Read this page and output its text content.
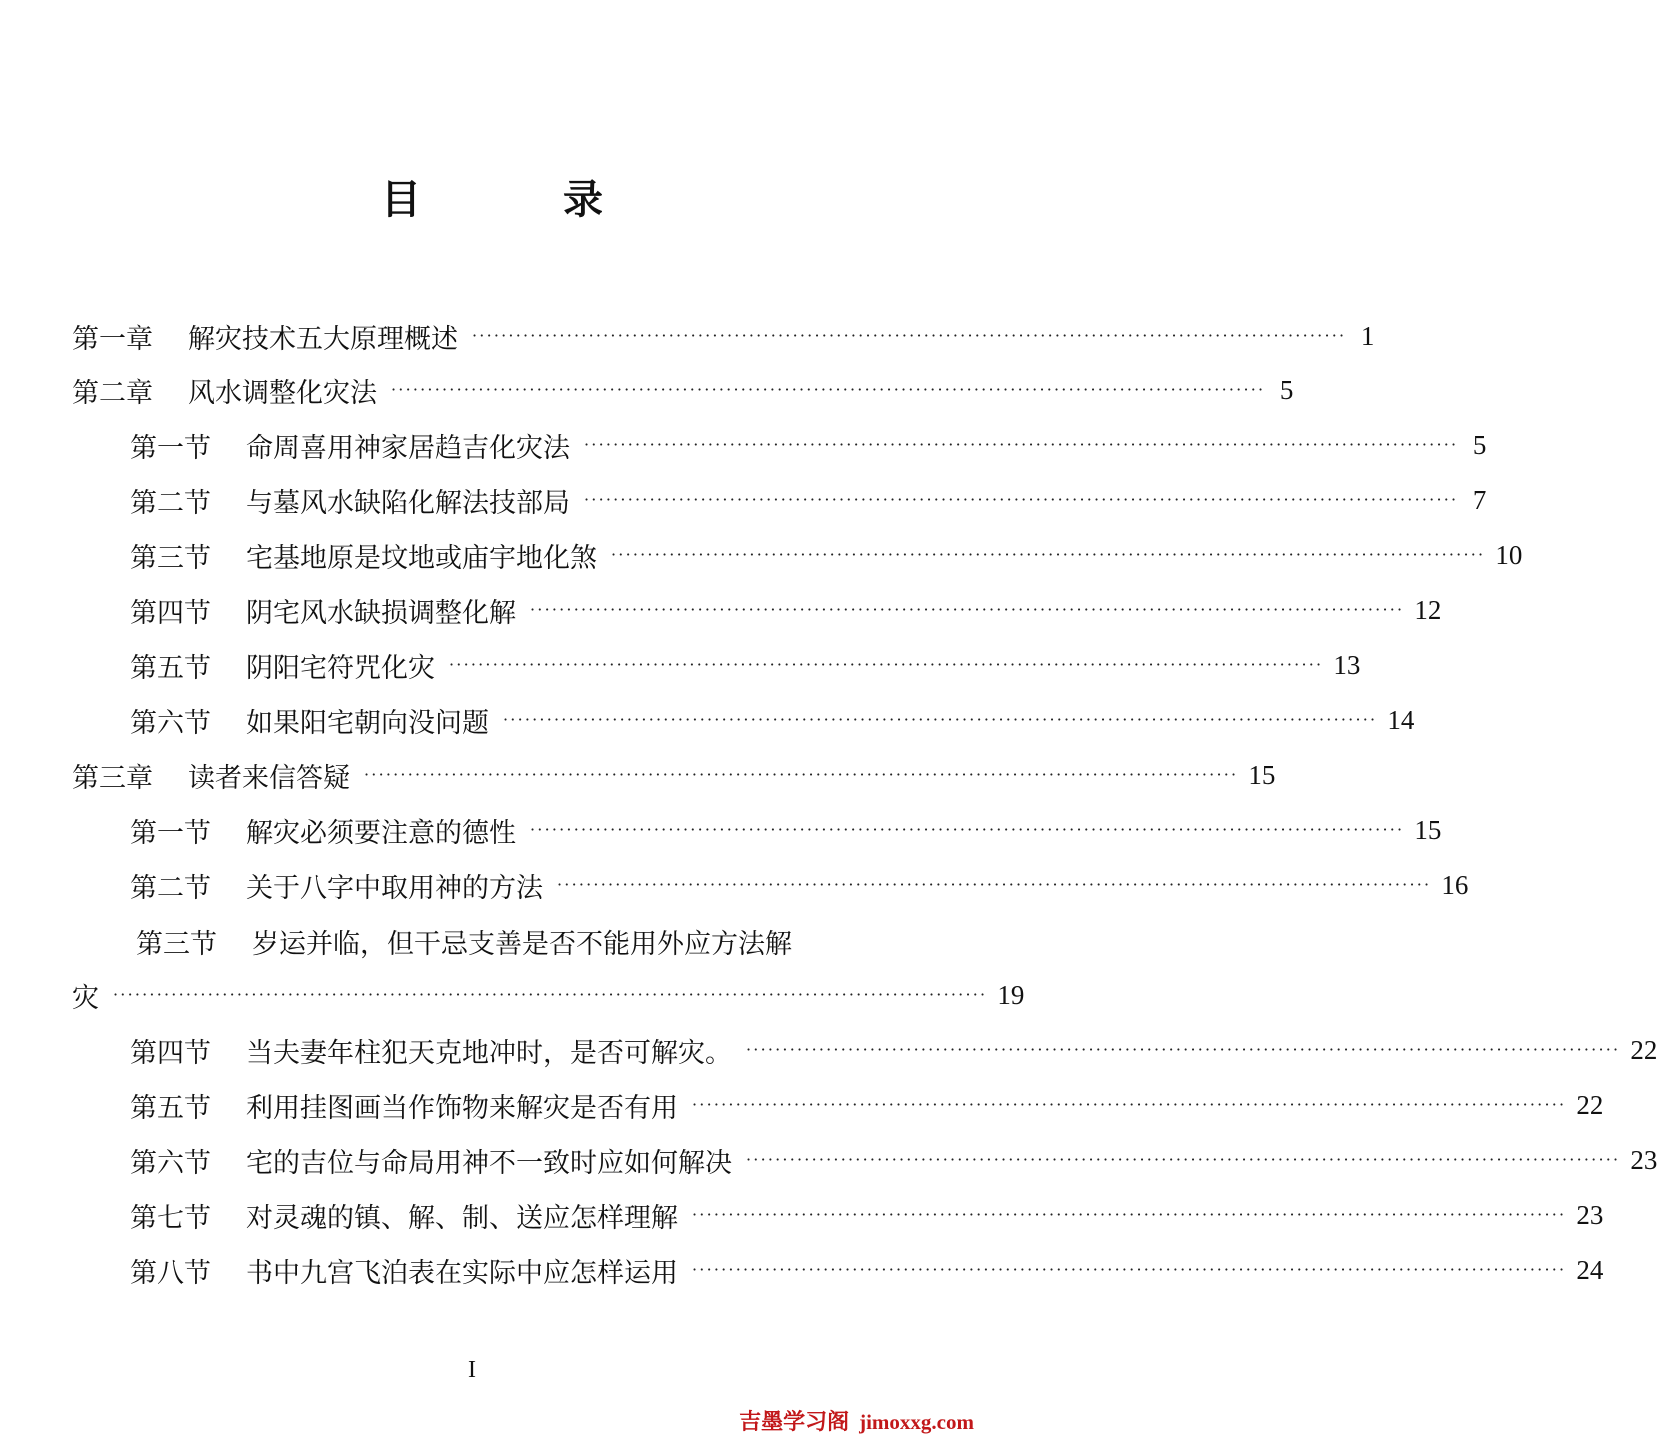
目 录
第一章	解灾技术五大原理概述 ························································································································ 1
第二章	风水调整化灾法 ························································································································ 5
第一节	命周喜用神家居趋吉化灾法 ························································································································ 5
第二节	与墓风水缺陷化解法技部局 ························································································································ 7
第三节	宅基地原是坟地或庙宇地化煞 ························································································································ 10
第四节	阴宅风水缺损调整化解 ························································································································ 12
第五节	阴阳宅符咒化灾 ························································································································ 13
第六节	如果阳宅朝向没问题 ························································································································ 14
第三章	读者来信答疑 ························································································································ 15
第一节	解灾必须要注意的德性 ························································································································ 15
第二节	关于八字中取用神的方法 ························································································································ 16
第三节	岁运并临，但干忌支善是否不能用外应方法解
灾 ························································································································ 19
第四节	当夫妻年柱犯天克地冲时，是否可解灾。 ························································································································ 22
第五节	利用挂图画当作饰物来解灾是否有用 ························································································································ 22
第六节	宅的吉位与命局用神不一致时应如何解决 ························································································································ 23
第七节	对灵魂的镇、解、制、送应怎样理解 ························································································································ 23
第八节	书中九宫飞泊表在实际中应怎样运用 ························································································································ 24
I
吉墨学习阁 jimoxxg.com
